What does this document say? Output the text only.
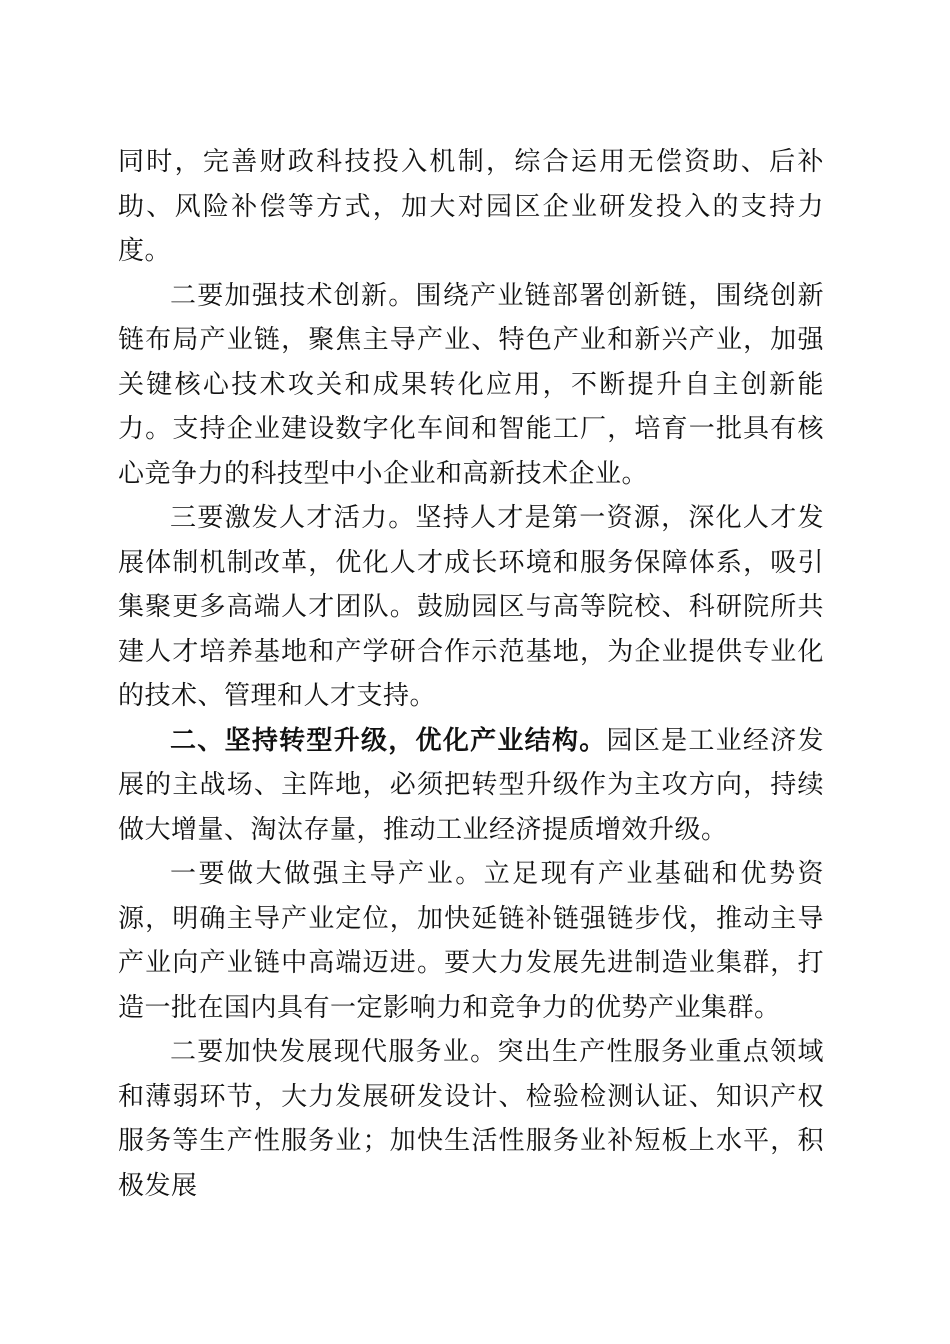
同时，完善财政科技投入机制，综合运用无偿资助、后补助、风险补偿等方式，加大对园区企业研发投入的支持力度。

二要加强技术创新。围绕产业链部署创新链，围绕创新链布局产业链，聚焦主导产业、特色产业和新兴产业，加强关键核心技术攻关和成果转化应用，不断提升自主创新能力。支持企业建设数字化车间和智能工厂，培育一批具有核心竞争力的科技型中小企业和高新技术企业。

三要激发人才活力。坚持人才是第一资源，深化人才发展体制机制改革，优化人才成长环境和服务保障体系，吸引集聚更多高端人才团队。鼓励园区与高等院校、科研院所共建人才培养基地和产学研合作示范基地，为企业提供专业化的技术、管理和人才支持。

二、坚持转型升级，优化产业结构。园区是工业经济发展的主战场、主阵地，必须把转型升级作为主攻方向，持续做大增量、淘汰存量，推动工业经济提质增效升级。

一要做大做强主导产业。立足现有产业基础和优势资源，明确主导产业定位，加快延链补链强链步伐，推动主导产业向产业链中高端迈进。要大力发展先进制造业集群，打造一批在国内具有一定影响力和竞争力的优势产业集群。

二要加快发展现代服务业。突出生产性服务业重点领域和薄弱环节，大力发展研发设计、检验检测认证、知识产权服务等生产性服务业；加快生活性服务业补短板上水平，积极发展
